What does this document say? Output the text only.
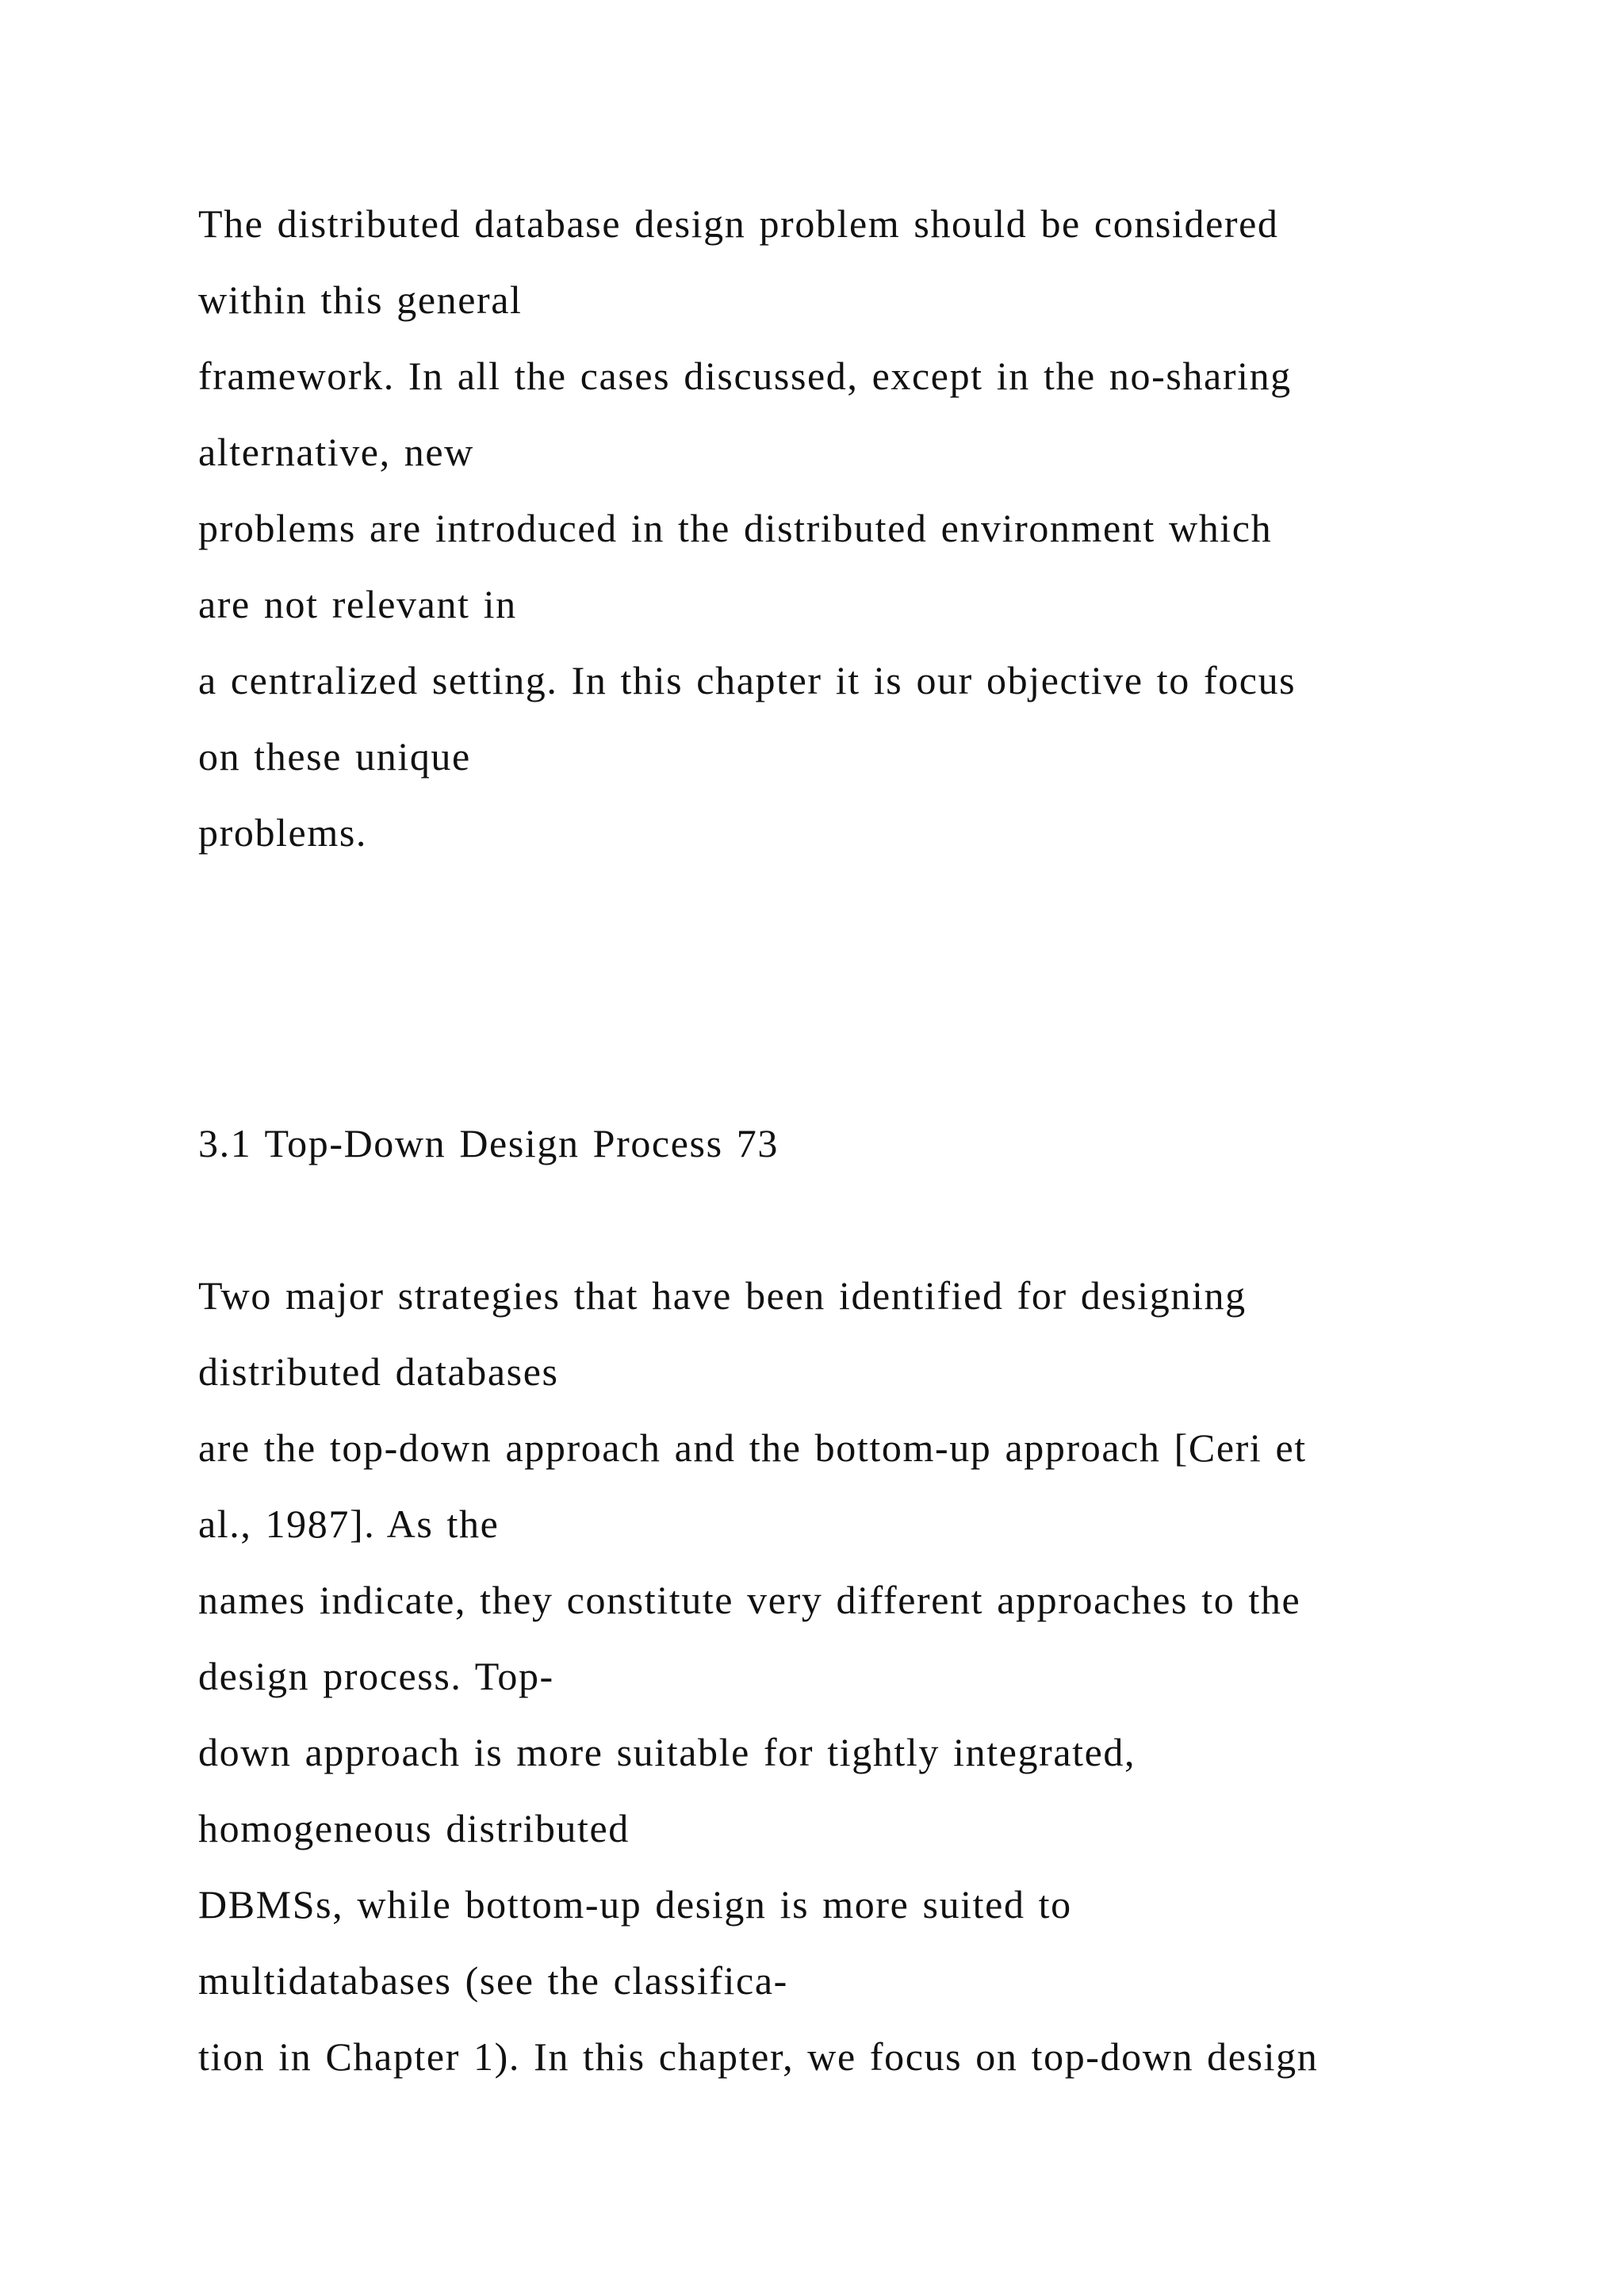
The distributed database design problem should be considered
within this general
framework. In all the cases discussed, except in the no-sharing
alternative, new
problems are introduced in the distributed environment which
are not relevant in
a centralized setting. In this chapter it is our objective to focus
on these unique
problems.
3.1 Top-Down Design Process 73
Two major strategies that have been identified for designing
distributed databases
are the top-down approach and the bottom-up approach [Ceri et
al., 1987]. As the
names indicate, they constitute very different approaches to the
design process. Top-
down approach is more suitable for tightly integrated,
homogeneous distributed
DBMSs, while bottom-up design is more suited to
multidatabases (see the classifica-
tion in Chapter 1). In this chapter, we focus on top-down design
